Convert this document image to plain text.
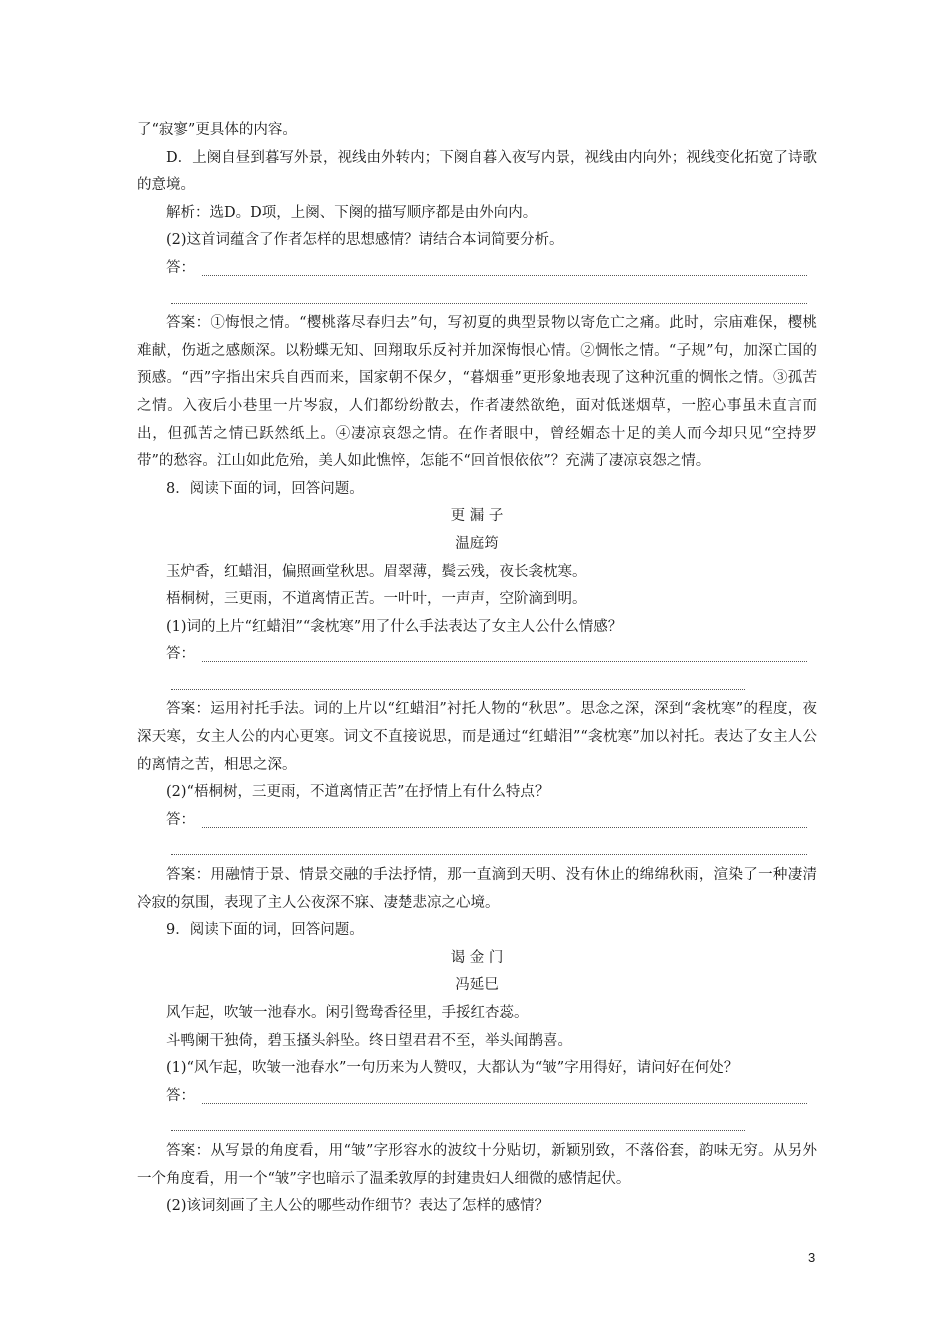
了“寂寥”更具体的内容。

D．上阕自昼到暮写外景，视线由外转内；下阕自暮入夜写内景，视线由内向外；视线变化拓宽了诗歌的意境。

解析：选D。D项，上阕、下阕的描写顺序都是由外向内。

(2)这首词蕴含了作者怎样的思想感情？请结合本词简要分析。

答：

答案：①悔恨之情。“樱桃落尽春归去”句，写初夏的典型景物以寄危亡之痛。此时，宗庙难保，樱桃难献，伤逝之感颇深。以粉蝶无知、回翔取乐反衬并加深悔恨心情。②惆怅之情。“子规”句，加深亡国的预感。“西”字指出宋兵自西而来，国家朝不保夕，“暮烟垂”更形象地表现了这种沉重的惆怅之情。③孤苦之情。入夜后小巷里一片岑寂，人们都纷纷散去，作者凄然欲绝，面对低迷烟草，一腔心事虽未直言而出，但孤苦之情已跃然纸上。④凄凉哀怨之情。在作者眼中，曾经媚态十足的美人而今却只见“空持罗带”的愁容。江山如此危殆，美人如此憔悴，怎能不“回首恨依依”？充满了凄凉哀怨之情。

8．阅读下面的词，回答问题。

更 漏 子

温庭筠

玉炉香，红蜡泪，偏照画堂秋思。眉翠薄，鬓云残，夜长衾枕寒。

梧桐树，三更雨，不道离情正苦。一叶叶，一声声，空阶滴到明。

(1)词的上片“红蜡泪”“衾枕寒”用了什么手法表达了女主人公什么情感？

答：

答案：运用衬托手法。词的上片以“红蜡泪”衬托人物的“秋思”。思念之深，深到“衾枕寒”的程度，夜深天寒，女主人公的内心更寒。词文不直接说思，而是通过“红蜡泪”“衾枕寒”加以衬托。表达了女主人公的离情之苦，相思之深。

(2)“梧桐树，三更雨，不道离情正苦”在抒情上有什么特点？

答：

答案：用融情于景、情景交融的手法抒情，那一直滴到天明、没有休止的绵绵秋雨，渲染了一种凄清冷寂的氛围，表现了主人公夜深不寐、凄楚悲凉之心境。

9．阅读下面的词，回答问题。

谒 金 门

冯延巳

风乍起，吹皱一池春水。闲引鸳鸯香径里，手挼红杏蕊。

斗鸭阑干独倚，碧玉搔头斜坠。终日望君君不至，举头闻鹊喜。

(1)“风乍起，吹皱一池春水”一句历来为人赞叹，大都认为“皱”字用得好，请问好在何处？

答：

答案：从写景的角度看，用“皱”字形容水的波纹十分贴切，新颖别致，不落俗套，韵味无穷。从另外一个角度看，用一个“皱”字也暗示了温柔敦厚的封建贵妇人细微的感情起伏。

(2)该词刻画了主人公的哪些动作细节？表达了怎样的感情？

3
